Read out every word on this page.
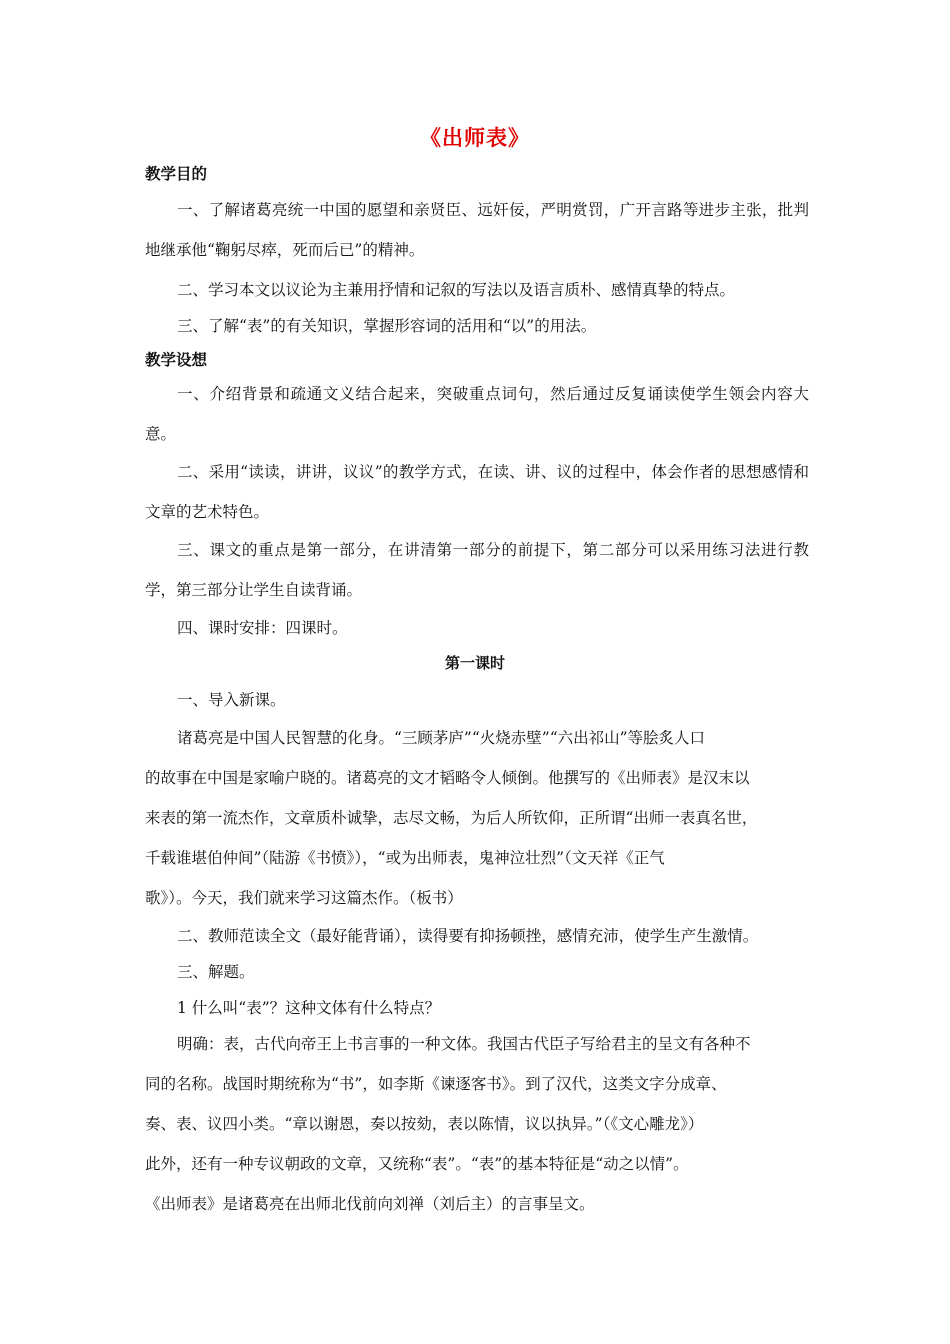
《出师表》
教学目的
一、了解诸葛亮统一中国的愿望和亲贤臣、远奸佞，严明赏罚，广开言路等进步主张，批判地继承他“鞠躬尽瘁，死而后已”的精神。
二、学习本文以议论为主兼用抒情和记叙的写法以及语言质朴、感情真挚的特点。
三、了解“表”的有关知识，掌握形容词的活用和“以”的用法。
教学设想
一、介绍背景和疏通文义结合起来，突破重点词句，然后通过反复诵读使学生领会内容大意。
二、采用“读读，讲讲，议议”的教学方式，在读、讲、议的过程中，体会作者的思想感情和文章的艺术特色。
三、课文的重点是第一部分，在讲清第一部分的前提下，第二部分可以采用练习法进行教学，第三部分让学生自读背诵。
四、课时安排：四课时。
第一课时
一、导入新课。
诸葛亮是中国人民智慧的化身。“三顾茅庐”“火烧赤壁”“六出祁山”等脍炙人口
的故事在中国是家喻户晓的。诸葛亮的文才韬略令人倾倒。他撰写的《出师表》是汉末以
来表的第一流杰作，文章质朴诚挚，志尽文畅，为后人所钦仰，正所谓“出师一表真名世，
千载谁堪伯仲间”（陆游《书愤》），“或为出师表，鬼神泣壮烈”（文天祥《正气
歌》）。今天，我们就来学习这篇杰作。（板书）
二、教师范读全文（最好能背诵），读得要有抑扬顿挫，感情充沛，使学生产生激情。
三、解题。
1 什么叫“表”？这种文体有什么特点？
明确：表，古代向帝王上书言事的一种文体。我国古代臣子写给君主的呈文有各种不
同的名称。战国时期统称为“书”，如李斯《谏逐客书》。到了汉代，这类文字分成章、
奏、表、议四小类。“章以谢恩，奏以按劾，表以陈情，议以执异。”（《文心雕龙》）
此外，还有一种专议朝政的文章，又统称“表”。“表”的基本特征是“动之以情”。
《出师表》是诸葛亮在出师北伐前向刘禅（刘后主）的言事呈文。
